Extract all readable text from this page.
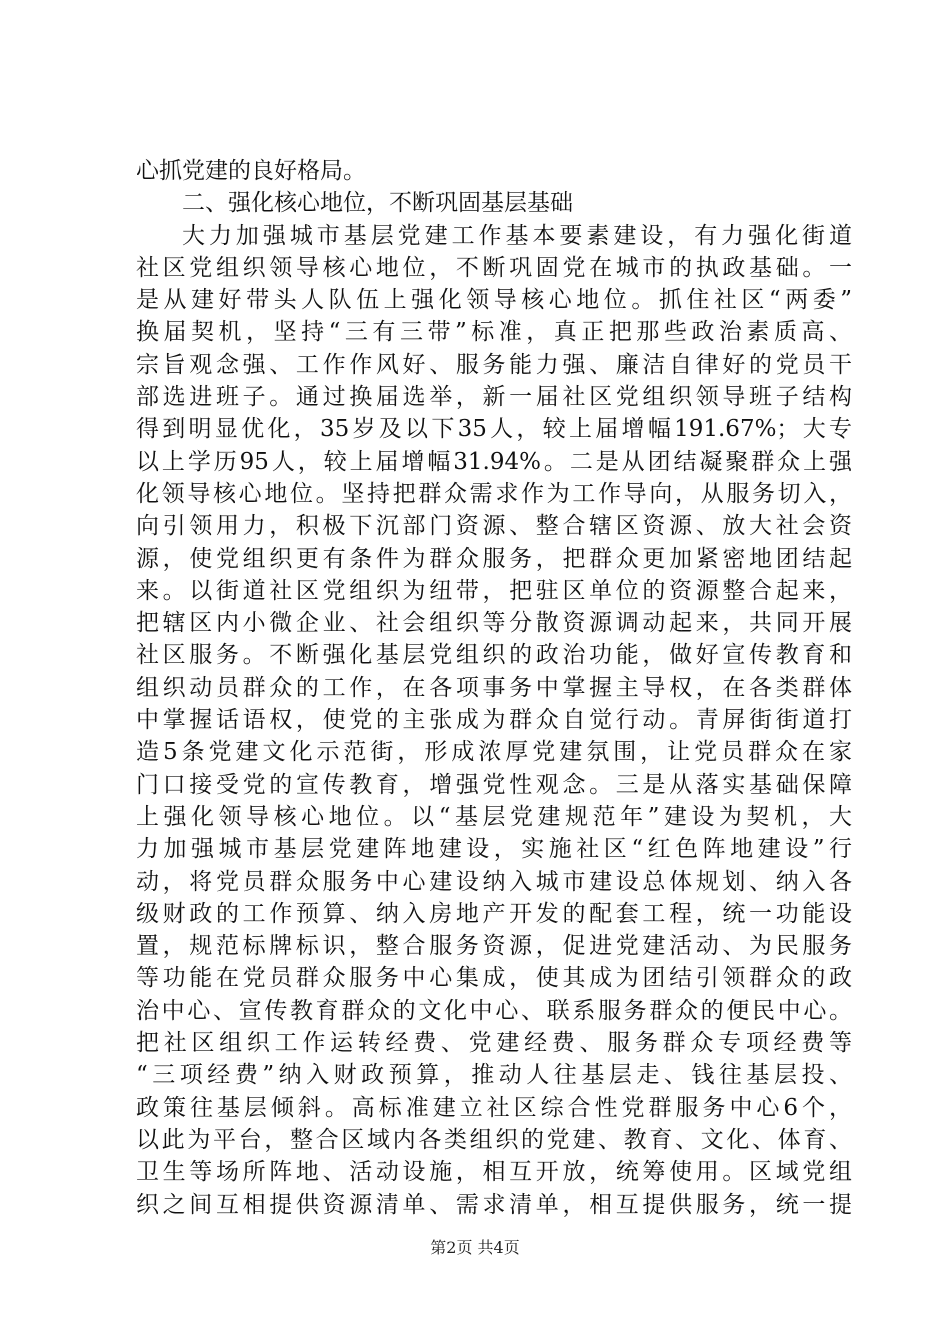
心抓党建的良好格局。
二、强化核心地位，不断巩固基层基础
大力加强城市基层党建工作基本要素建设，有力强化街道
社区党组织领导核心地位，不断巩固党在城市的执政基础。一
是从建好带头人队伍上强化领导核心地位。抓住社区“两委”
换届契机，坚持“三有三带”标准，真正把那些政治素质高、
宗旨观念强、工作作风好、服务能力强、廉洁自律好的党员干
部选进班子。通过换届选举，新一届社区党组织领导班子结构
得到明显优化，35岁及以下35人，较上届增幅191.67%；大专
以上学历95人，较上届增幅31.94%。二是从团结凝聚群众上强
化领导核心地位。坚持把群众需求作为工作导向，从服务切入，
向引领用力，积极下沉部门资源、整合辖区资源、放大社会资
源，使党组织更有条件为群众服务，把群众更加紧密地团结起
来。以街道社区党组织为纽带，把驻区单位的资源整合起来，
把辖区内小微企业、社会组织等分散资源调动起来，共同开展
社区服务。不断强化基层党组织的政治功能，做好宣传教育和
组织动员群众的工作，在各项事务中掌握主导权，在各类群体
中掌握话语权，使党的主张成为群众自觉行动。青屏街街道打
造5条党建文化示范街，形成浓厚党建氛围，让党员群众在家
门口接受党的宣传教育，增强党性观念。三是从落实基础保障
上强化领导核心地位。以“基层党建规范年”建设为契机，大
力加强城市基层党建阵地建设，实施社区“红色阵地建设”行
动，将党员群众服务中心建设纳入城市建设总体规划、纳入各
级财政的工作预算、纳入房地产开发的配套工程，统一功能设
置，规范标牌标识，整合服务资源，促进党建活动、为民服务
等功能在党员群众服务中心集成，使其成为团结引领群众的政
治中心、宣传教育群众的文化中心、联系服务群众的便民中心。
把社区组织工作运转经费、党建经费、服务群众专项经费等
“三项经费”纳入财政预算，推动人往基层走、钱往基层投、
政策往基层倾斜。高标准建立社区综合性党群服务中心6个，
以此为平台，整合区域内各类组织的党建、教育、文化、体育、
卫生等场所阵地、活动设施，相互开放，统筹使用。区域党组
织之间互相提供资源清单、需求清单，相互提供服务，统一提
第2页 共4页
